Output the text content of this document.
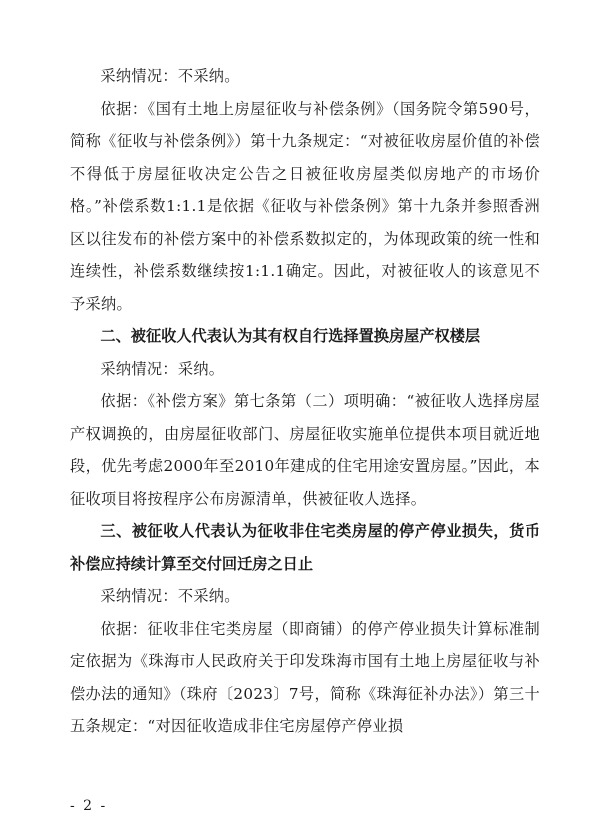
采纳情况：不采纳。

依据：《国有土地上房屋征收与补偿条例》（国务院令第590号，简称《征收与补偿条例》）第十九条规定：“对被征收房屋价值的补偿不得低于房屋征收决定公告之日被征收房屋类似房地产的市场价格。”补偿系数1:1.1是依据《征收与补偿条例》第十九条并参照香洲区以往发布的补偿方案中的补偿系数拟定的，为体现政策的统一性和连续性，补偿系数继续按1:1.1确定。因此，对被征收人的该意见不予采纳。

二、被征收人代表认为其有权自行选择置换房屋产权楼层

采纳情况：采纳。

依据：《补偿方案》第七条第（二）项明确：“被征收人选择房屋产权调换的，由房屋征收部门、房屋征收实施单位提供本项目就近地段，优先考虑2000年至2010年建成的住宅用途安置房屋。”因此，本征收项目将按程序公布房源清单，供被征收人选择。

三、被征收人代表认为征收非住宅类房屋的停产停业损失，货币补偿应持续计算至交付回迁房之日止

采纳情况：不采纳。

依据：征收非住宅类房屋（即商铺）的停产停业损失计算标准制定依据为《珠海市人民政府关于印发珠海市国有土地上房屋征收与补偿办法的通知》（珠府〔2023〕7号，简称《珠海征补办法》）第三十五条规定：“对因征收造成非住宅房屋停产停业损

- 2 -
